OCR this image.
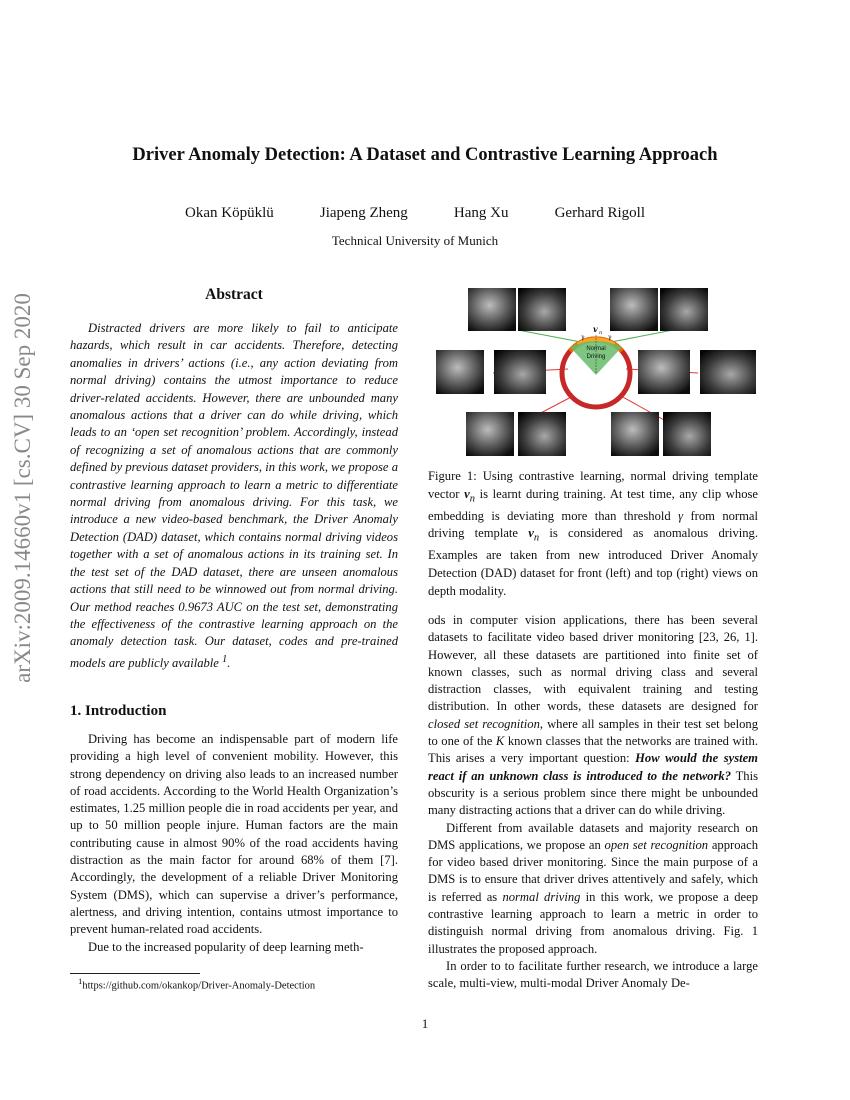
arXiv:2009.14660v1 [cs.CV] 30 Sep 2020
Driver Anomaly Detection: A Dataset and Contrastive Learning Approach
Okan Köpüklü	Jiapeng Zheng	Hang Xu	Gerhard Rigoll
Technical University of Munich
Abstract

Distracted drivers are more likely to fail to anticipate hazards, which result in car accidents. Therefore, detecting anomalies in drivers’ actions (i.e., any action deviating from normal driving) contains the utmost importance to reduce driver-related accidents. However, there are unbounded many anomalous actions that a driver can do while driving, which leads to an ‘open set recognition’ problem. Accordingly, instead of recognizing a set of anomalous actions that are commonly defined by previous dataset providers, in this work, we propose a contrastive learning approach to learn a metric to differentiate normal driving from anomalous driving. For this task, we introduce a new video-based benchmark, the Driver Anomaly Detection (DAD) dataset, which contains normal driving videos together with a set of anomalous actions in its training set. In the test set of the DAD dataset, there are unseen anomalous actions that still need to be winnowed out from normal driving. Our method reaches 0.9673 AUC on the test set, demonstrating the effectiveness of the contrastive learning approach on the anomaly detection task. Our dataset, codes and pre-trained models are publicly available $^1$.

1. Introduction

Driving has become an indispensable part of modern life providing a high level of convenient mobility. However, this strong dependency on driving also leads to an increased number of road accidents. According to the World Health Organization’s estimates, 1.25 million people die in road accidents per year, and up to 50 million people injure. Human factors are the main contributing cause in almost 90% of the road accidents having distraction as the main factor for around 68% of them [7]. Accordingly, the development of a reliable Driver Monitoring System (DMS), which can supervise a driver’s performance, alertness, and driving intention, contains utmost importance to prevent human-related road accidents.

Due to the increased popularity of deep learning meth-

$^1$https://github.com/okankop/Driver-Anomaly-Detection
Normal
Driving
v n
γ	γ

Figure 1: Using contrastive learning, normal driving template vector $v_n$ is learnt during training. At test time, any clip whose embedding is deviating more than threshold γ from normal driving template $v_n$ is considered as anomalous driving. Examples are taken from new introduced Driver Anomaly Detection (DAD) dataset for front (left) and top (right) views on depth modality.

ods in computer vision applications, there has been several datasets to facilitate video based driver monitoring [23, 26, 1]. However, all these datasets are partitioned into finite set of known classes, such as normal driving class and several distraction classes, with equivalent training and testing distribution. In other words, these datasets are designed for closed set recognition, where all samples in their test set belong to one of the K known classes that the networks are trained with. This arises a very important question: How would the system react if an unknown class is introduced to the network? This obscurity is a serious problem since there might be unbounded many distracting actions that a driver can do while driving.

Different from available datasets and majority research on DMS applications, we propose an open set recognition approach for video based driver monitoring. Since the main purpose of a DMS is to ensure that driver drives attentively and safely, which is referred as normal driving in this work, we propose a deep contrastive learning approach to learn a metric in order to distinguish normal driving from anomalous driving. Fig. 1 illustrates the proposed approach.

In order to to facilitate further research, we introduce a large scale, multi-view, multi-modal Driver Anomaly De-

1
